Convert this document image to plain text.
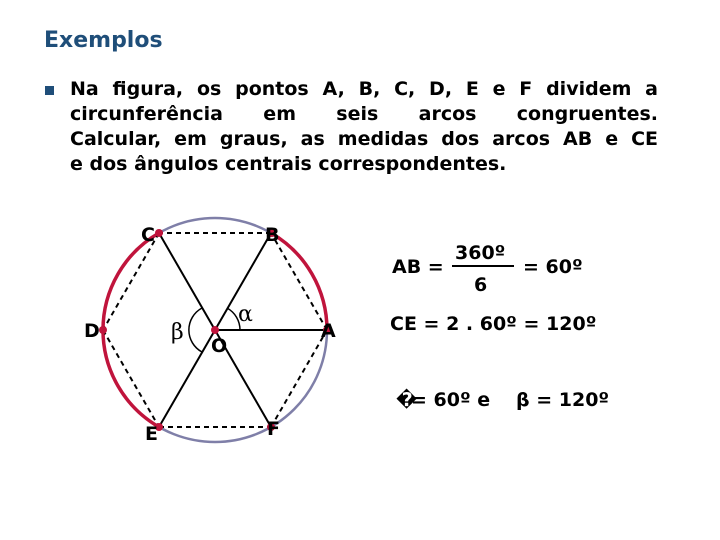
Exemplos
Na figura, os pontos A, B, C, D, E e F dividem a
circunferência em seis arcos congruentes.
Calcular, em graus, as medidas dos arcos AB e CE
e dos ângulos centrais correspondentes.
A
B
C
D
E	F
O
α
β
AB =
360º
6
= 60º
CE = 2 . 60º = 120º
�
= 60º e β = 120º
